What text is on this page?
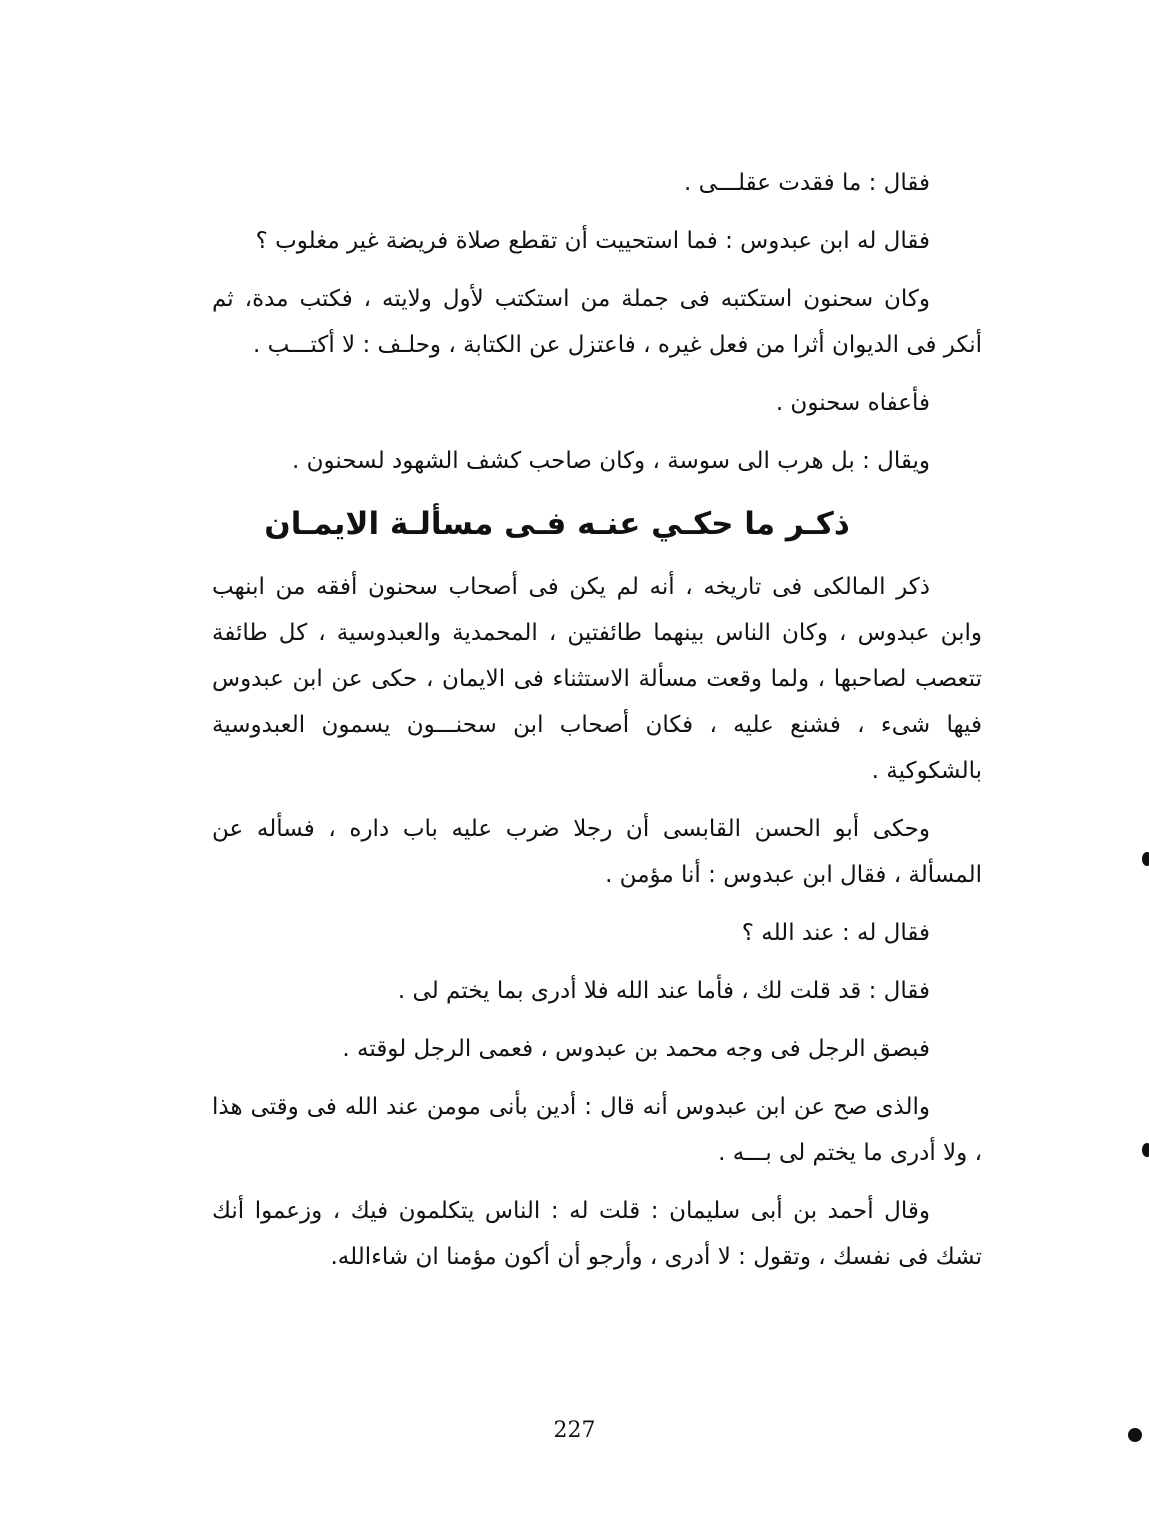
فقال : ما فقدت عقلـــى .

فقال له ابن عبدوس : فما استحييت أن تقطع صلاة فريضة غير مغلوب ؟

وكان سحنون استكتبه فى جملة من استكتب لأول ولايته ، فكتب مدة، ثم أنكر فى الديوان أثرا من فعل غيره ، فاعتزل عن الكتابة ، وحلـف : لا أكتـــب .

فأعفاه سحنون .

ويقال : بل هرب الى سوسة ، وكان صاحب كشف الشهود لسحنون .

ذكـر ما حكـي عنـه فـى مسألـة الايمـان

ذكر المالكى فى تاريخه ، أنه لم يكن فى أصحاب سحنون أفقه من ابنهب وابن عبدوس ، وكان الناس بينهما طائفتين ، المحمدية والعبدوسية ، كل طائفة تتعصب لصاحبها ، ولما وقعت مسألة الاستثناء فى الايمان ، حكى عن ابن عبدوس فيها شىء ، فشنع عليه ، فكان أصحاب ابن سحنـــون يسمون العبدوسية بالشكوكية .

وحكى أبو الحسن القابسى أن رجلا ضرب عليه باب داره ، فسأله عن المسألة ، فقال ابن عبدوس : أنا مؤمن .

فقال له : عند الله ؟

فقال : قد قلت لك ، فأما عند الله فلا أدرى بما يختم لى .

فبصق الرجل فى وجه محمد بن عبدوس ، فعمى الرجل لوقته .

والذى صح عن ابن عبدوس أنه قال : أدين بأنى مومن عند الله فى وقتى هذا ، ولا أدرى ما يختم لى بـــه .

وقال أحمد بن أبى سليمان : قلت له : الناس يتكلمون فيك ، وزعموا أنك تشك فى نفسك ، وتقول : لا أدرى ، وأرجو أن أكون مؤمنا ان شاءالله.

227
